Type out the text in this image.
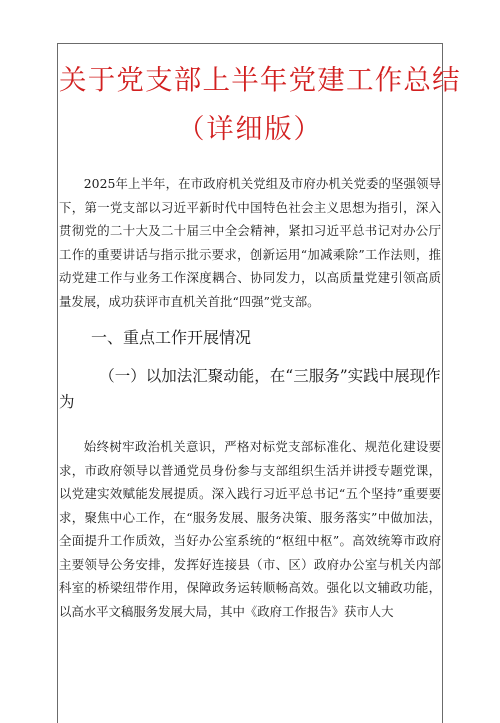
关于党支部上半年党建工作总结
（详细版）

2025年上半年，在市政府机关党组及市府办机关党委的坚强领导下，第一党支部以习近平新时代中国特色社会主义思想为指引，深入贯彻党的二十大及二十届三中全会精神，紧扣习近平总书记对办公厅工作的重要讲话与指示批示要求，创新运用“加减乘除”工作法则，推动党建工作与业务工作深度耦合、协同发力，以高质量党建引领高质量发展，成功获评市直机关首批“四强”党支部。

一、重点工作开展情况
（一）以加法汇聚动能，在“三服务”实践中展现作为

始终树牢政治机关意识，严格对标党支部标准化、规范化建设要求，市政府领导以普通党员身份参与支部组织生活并讲授专题党课，以党建实效赋能发展提质。深入践行习近平总书记“五个坚持”重要要求，聚焦中心工作，在“服务发展、服务决策、服务落实”中做加法，全面提升工作质效，当好办公室系统的“枢纽中枢”。高效统筹市政府主要领导公务安排，发挥好连接县（市、区）政府办公室与机关内部科室的桥梁纽带作用，保障政务运转顺畅高效。强化以文辅政功能，以高水平文稿服务发展大局，其中《政府工作报告》获市人大
